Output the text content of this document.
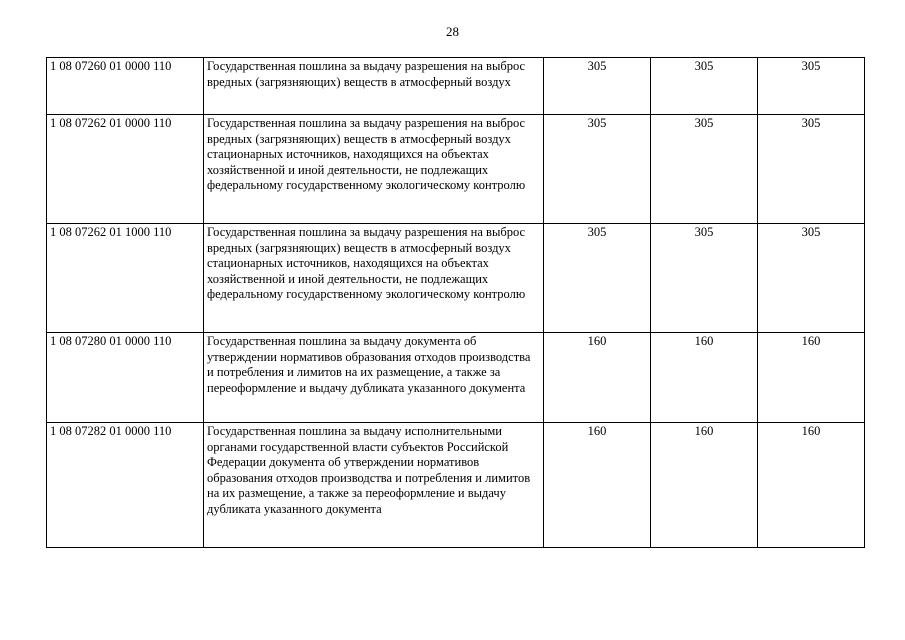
28
1 08 07260 01 0000 110	Государственная пошлина за выдачу разрешения на выброс вредных (загрязняющих) веществ в атмосферный воздух	305	305	305
1 08 07262 01 0000 110	Государственная пошлина за выдачу разрешения на выброс вредных (загрязняющих) веществ в атмосферный воздух стационарных источников, находящихся на объектах хозяйственной и иной деятельности, не подлежащих федеральному государственному экологическому контролю	305	305	305
1 08 07262 01 1000 110	Государственная пошлина за выдачу разрешения на выброс вредных (загрязняющих) веществ в атмосферный воздух стационарных источников, находящихся на объектах хозяйственной и иной деятельности, не подлежащих федеральному государственному экологическому контролю	305	305	305
1 08 07280 01 0000 110	Государственная пошлина за выдачу документа об утверждении нормативов образования отходов производства и потребления и лимитов на их размещение, а также за переоформление и выдачу дубликата указанного документа	160	160	160
1 08 07282 01 0000 110	Государственная пошлина за выдачу исполнительными органами государственной власти субъектов Российской Федерации документа об утверждении нормативов образования отходов производства и потребления и лимитов на их размещение, а также за переоформление и выдачу дубликата указанного документа	160	160	160
